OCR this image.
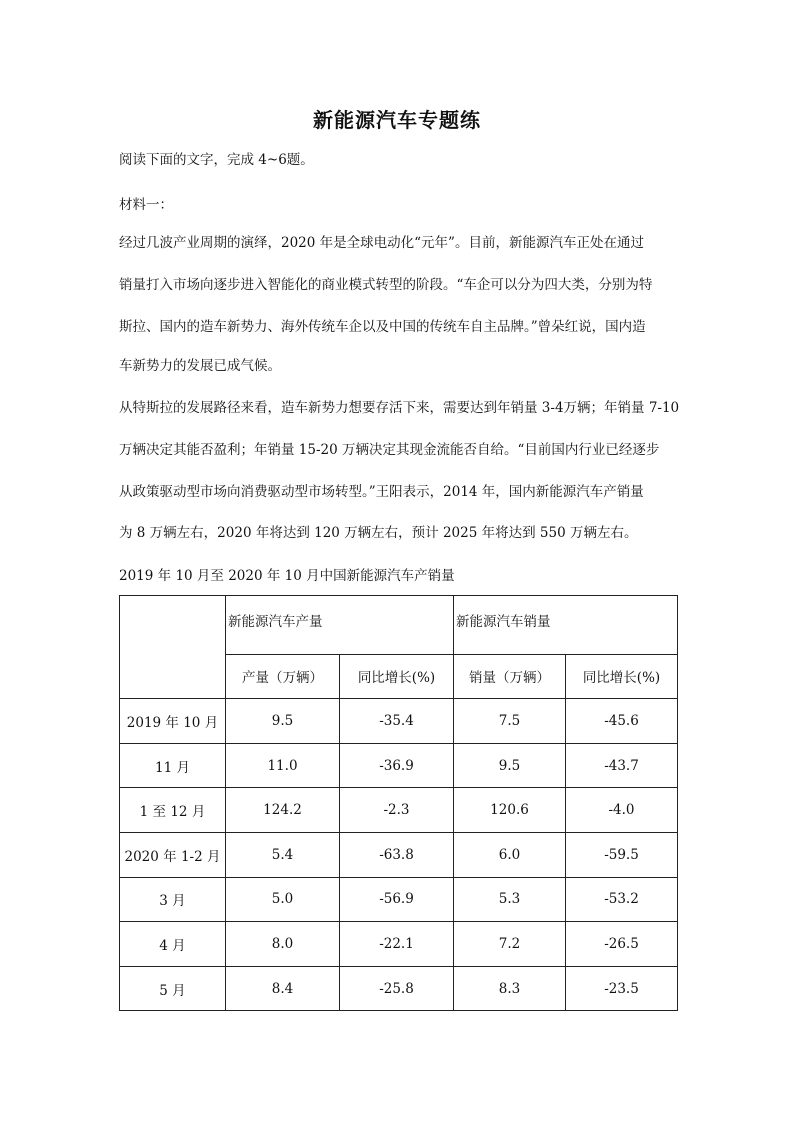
新能源汽车专题练
阅读下面的文字，完成 4~6题。
材料一：
经过几波产业周期的演绎，2020 年是全球电动化“元年”。目前，新能源汽车正处在通过
销量打入市场向逐步进入智能化的商业模式转型的阶段。“车企可以分为四大类，分别为特
斯拉、国内的造车新势力、海外传统车企以及中国的传统车自主品牌。”曾朵红说，国内造
车新势力的发展已成气候。
从特斯拉的发展路径来看，造车新势力想要存活下来，需要达到年销量 3-4万辆；年销量 7-10
万辆决定其能否盈利；年销量 15-20 万辆决定其现金流能否自给。“目前国内行业已经逐步
从政策驱动型市场向消费驱动型市场转型。”王阳表示，2014 年，国内新能源汽车产销量
为 8 万辆左右，2020 年将达到 120 万辆左右，预计 2025 年将达到 550 万辆左右。
2019 年 10 月至 2020 年 10 月中国新能源汽车产销量
	新能源汽车产量		新能源汽车销量	
	产量（万辆）	同比增长(%)	销量（万辆）	同比增长(%)
2019 年 10 月	9.5	-35.4	7.5	-45.6
11 月	11.0	-36.9	9.5	-43.7
1 至 12 月	124.2	-2.3	120.6	-4.0
2020 年 1-2 月	5.4	-63.8	6.0	-59.5
3 月	5.0	-56.9	5.3	-53.2
4 月	8.0	-22.1	7.2	-26.5
5 月	8.4	-25.8	8.3	-23.5
